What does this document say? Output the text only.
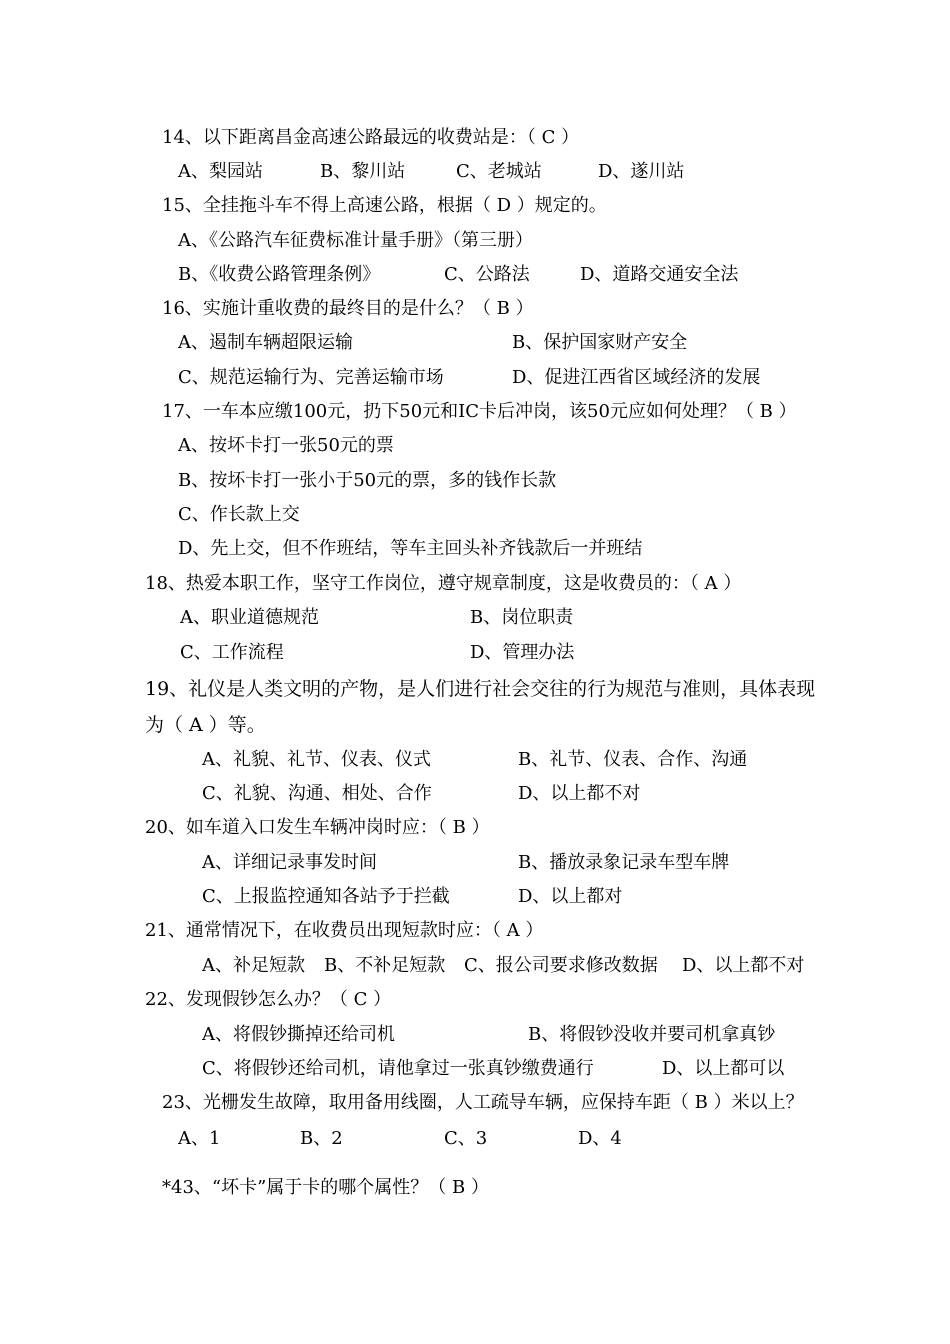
14、以下距离昌金高速公路最远的收费站是：（ C ）
A、梨园站	B、黎川站	C、老城站	D、遂川站
15、全挂拖斗车不得上高速公路，根据（ D ）规定的。
A、《公路汽车征费标准计量手册》（第三册）
B、《收费公路管理条例》	C、公路法	D、道路交通安全法
16、实施计重收费的最终目的是什么？（ B ）
A、遏制车辆超限运输	B、保护国家财产安全
C、规范运输行为、完善运输市场	D、促进江西省区域经济的发展
17、一车本应缴100元，扔下50元和IC卡后冲岗，该50元应如何处理？（ B ）
A、按坏卡打一张50元的票
B、按坏卡打一张小于50元的票，多的钱作长款
C、作长款上交
D、先上交，但不作班结，等车主回头补齐钱款后一并班结
18、热爱本职工作，坚守工作岗位，遵守规章制度，这是收费员的：（ A ）
A、职业道德规范	B、岗位职责
C、工作流程	D、管理办法
19、礼仪是人类文明的产物，是人们进行社会交往的行为规范与准则，具体表现
为（ A ）等。
A、礼貌、礼节、仪表、仪式	B、礼节、仪表、合作、沟通
C、礼貌、沟通、相处、合作	D、以上都不对
20、如车道入口发生车辆冲岗时应：（ B ）
A、详细记录事发时间	B、播放录象记录车型车牌
C、上报监控通知各站予于拦截	D、以上都对
21、通常情况下，在收费员出现短款时应：（ A ）
A、补足短款 B、不补足短款 C、报公司要求修改数据 D、以上都不对
22、发现假钞怎么办？（ C ）
A、将假钞撕掉还给司机	B、将假钞没收并要司机拿真钞
C、将假钞还给司机，请他拿过一张真钞缴费通行	D、以上都可以
23、光栅发生故障，取用备用线圈，人工疏导车辆，应保持车距（ B ）米以上？
A、1	B、2	C、3	D、4
*43、“坏卡”属于卡的哪个属性？（ B ）
